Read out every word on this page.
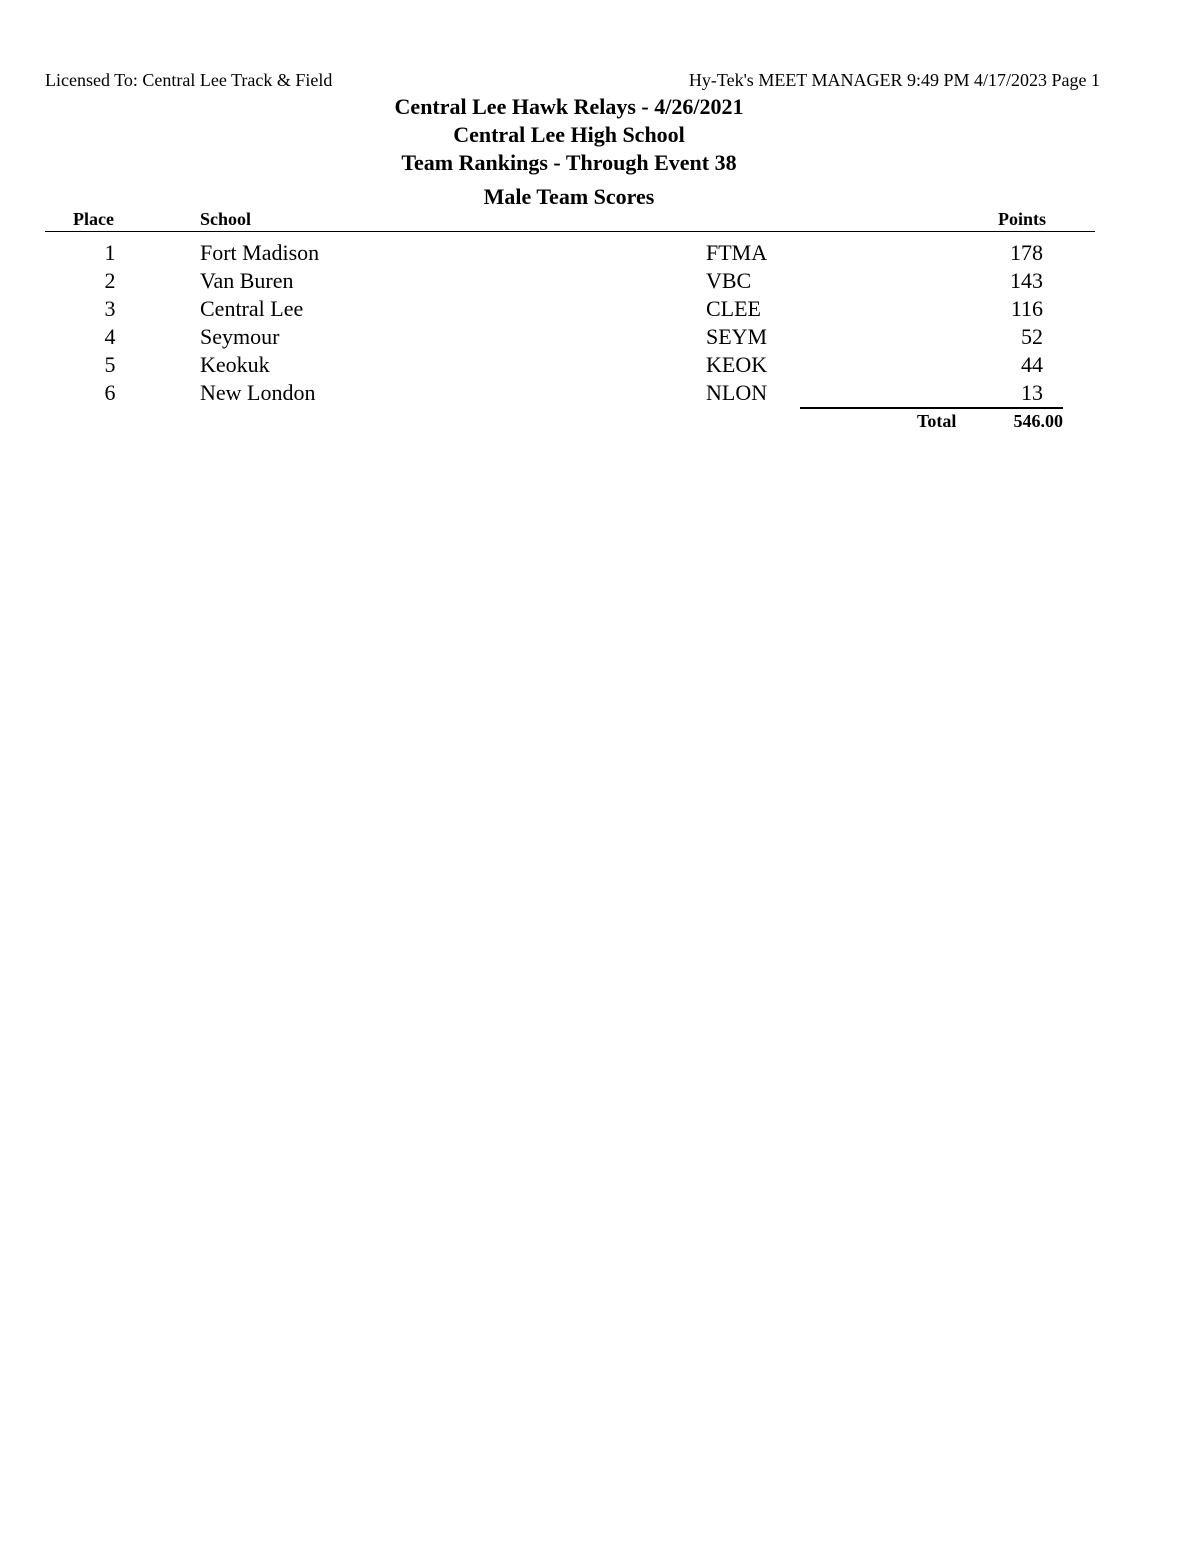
Licensed To: Central Lee Track & Field	Hy-Tek's MEET MANAGER 9:49 PM 4/17/2023 Page 1
Central Lee Hawk Relays - 4/26/2021
Central Lee High School
Team Rankings - Through Event 38
Male Team Scores
Place	School	Points
1	Fort Madison	FTMA	178
2	Van Buren	VBC	143
3	Central Lee	CLEE	116
4	Seymour	SEYM	52
5	Keokuk	KEOK	44
6	New London	NLON	13
Total	546.00
